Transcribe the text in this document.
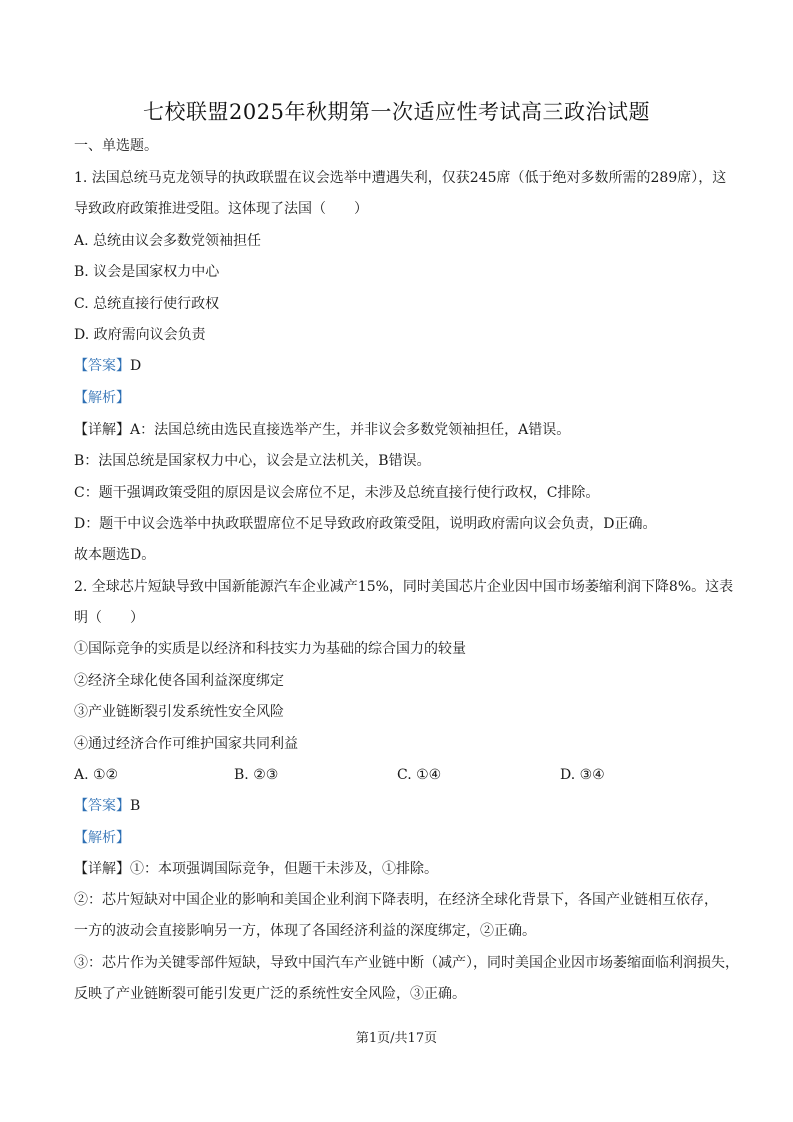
七校联盟2025年秋期第一次适应性考试高三政治试题
一、单选题。
1. 法国总统马克龙领导的执政联盟在议会选举中遭遇失利，仅获245席（低于绝对多数所需的289席），这
导致政府政策推进受阻。这体现了法国（　　）
A. 总统由议会多数党领袖担任
B. 议会是国家权力中心
C. 总统直接行使行政权
D. 政府需向议会负责
【答案】D
【解析】
【详解】A：法国总统由选民直接选举产生，并非议会多数党领袖担任，A错误。
B：法国总统是国家权力中心，议会是立法机关，B错误。
C：题干强调政策受阻的原因是议会席位不足，未涉及总统直接行使行政权，C排除。
D：题干中议会选举中执政联盟席位不足导致政府政策受阻，说明政府需向议会负责，D正确。
故本题选D。
2. 全球芯片短缺导致中国新能源汽车企业减产15%，同时美国芯片企业因中国市场萎缩利润下降8%。这表
明（　　）
①国际竞争的实质是以经济和科技实力为基础的综合国力的较量
②经济全球化使各国利益深度绑定
③产业链断裂引发系统性安全风险
④通过经济合作可维护国家共同利益
A. ①②	B. ②③	C. ①④	D. ③④
【答案】B
【解析】
【详解】①：本项强调国际竞争，但题干未涉及，①排除。
②：芯片短缺对中国企业的影响和美国企业利润下降表明，在经济全球化背景下，各国产业链相互依存，
一方的波动会直接影响另一方，体现了各国经济利益的深度绑定，②正确。
③：芯片作为关键零部件短缺，导致中国汽车产业链中断（减产），同时美国企业因市场萎缩面临利润损失，
反映了产业链断裂可能引发更广泛的系统性安全风险，③正确。
第1页/共17页
